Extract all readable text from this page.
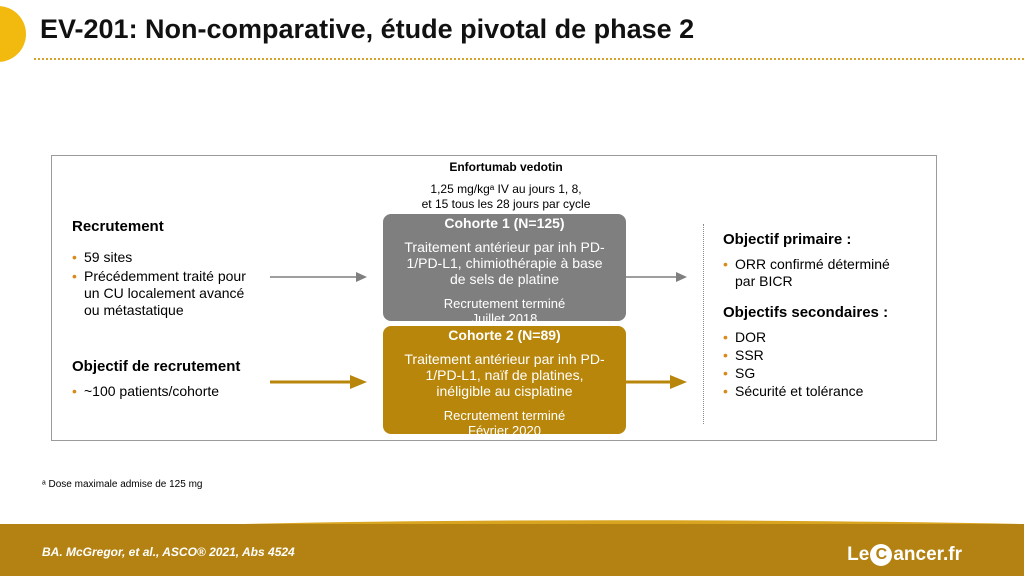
EV-201: Non-comparative, étude pivotal de phase 2
Enfortumab vedotin
1,25 mg/kgᵃ IV au jours 1, 8,
et 15 tous les 28 jours par cycle
Recrutement
• 59 sites
• Précédemment traité pour un CU localement avancé ou métastatique
Objectif de recrutement
• ~100 patients/cohorte
Cohorte 1 (N=125)
Traitement antérieur par inh PD-
1/PD-L1, chimiothérapie à base
de sels de platine
Recrutement terminé
Juillet 2018
Cohorte 2 (N=89)
Traitement antérieur par inh PD-
1/PD-L1, naïf de platines,
inéligible au cisplatine
Recrutement terminé
Février 2020
Objectif primaire :
• ORR confirmé déterminé par BICR
Objectifs secondaires :
• DOR
• SSR
• SG
• Sécurité et tolérance
ᵃ Dose maximale admise de 125 mg
BA. McGregor, et al., ASCO® 2021, Abs 4524	Le C ancer.fr
